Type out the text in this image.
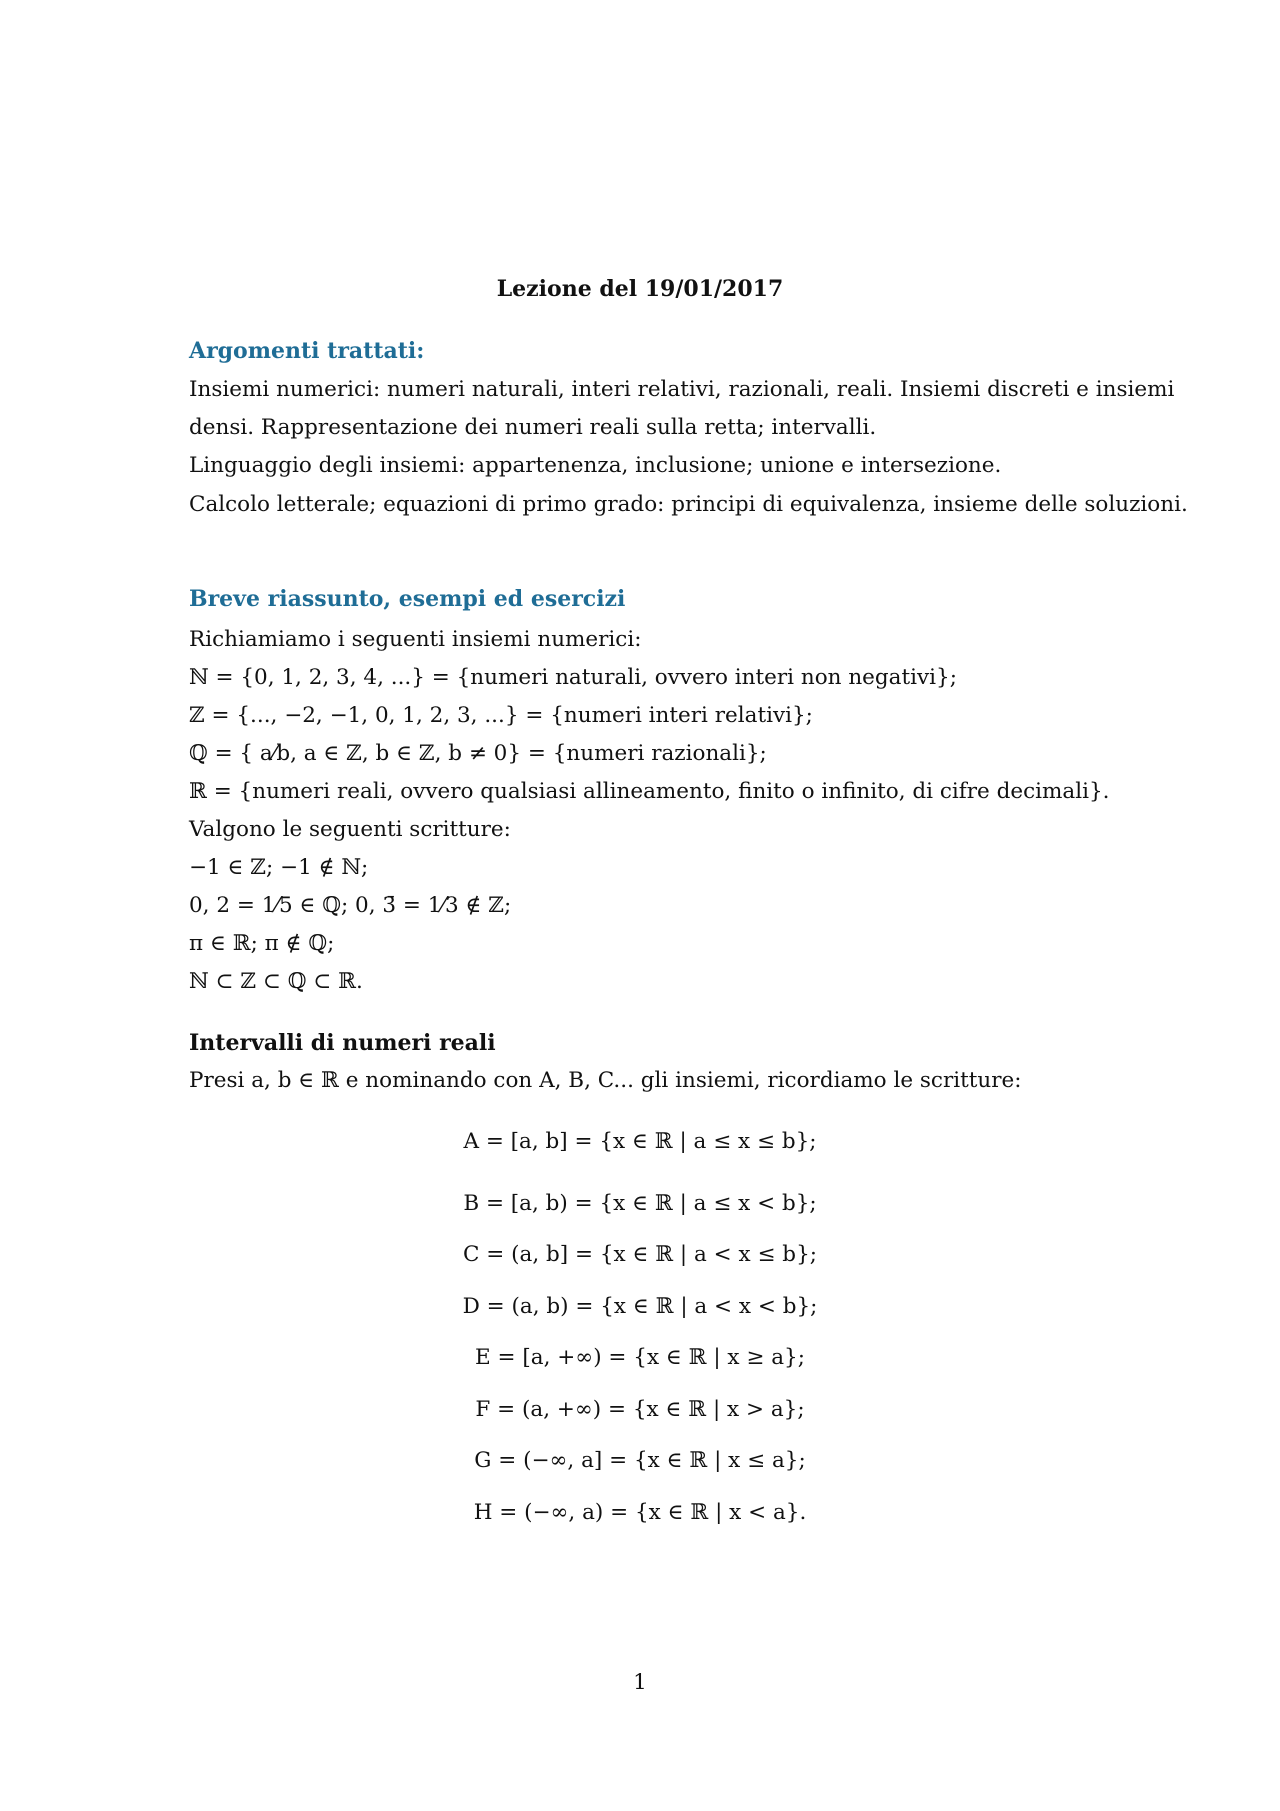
Lezione del 19/01/2017
Argomenti trattati:
Insiemi numerici: numeri naturali, interi relativi, razionali, reali. Insiemi discreti e insiemi
densi. Rappresentazione dei numeri reali sulla retta; intervalli.
Linguaggio degli insiemi: appartenenza, inclusione; unione e intersezione.
Calcolo letterale; equazioni di primo grado: principi di equivalenza, insieme delle soluzioni.
Breve riassunto, esempi ed esercizi
Richiamiamo i seguenti insiemi numerici:
ℕ = {0, 1, 2, 3, 4, ...} = {numeri naturali, ovvero interi non negativi};
ℤ = {..., −2, −1, 0, 1, 2, 3, ...} = {numeri interi relativi};
ℚ = { a⁄b, a ∈ ℤ, b ∈ ℤ, b ≠ 0} = {numeri razionali};
ℝ = {numeri reali, ovvero qualsiasi allineamento, finito o infinito, di cifre decimali}.
Valgono le seguenti scritture:
−1 ∈ ℤ; −1 ∉ ℕ;
0, 2 = 1⁄5 ∈ ℚ; 0, 3̄ = 1⁄3 ∉ ℤ;
π ∈ ℝ; π ∉ ℚ;
ℕ ⊂ ℤ ⊂ ℚ ⊂ ℝ.
Intervalli di numeri reali
Presi a, b ∈ ℝ e nominando con A, B, C... gli insiemi, ricordiamo le scritture:
A = [a, b] = {x ∈ ℝ | a ≤ x ≤ b};
B = [a, b) = {x ∈ ℝ | a ≤ x < b};
C = (a, b] = {x ∈ ℝ | a < x ≤ b};
D = (a, b) = {x ∈ ℝ | a < x < b};
E = [a, +∞) = {x ∈ ℝ | x ≥ a};
F = (a, +∞) = {x ∈ ℝ | x > a};
G = (−∞, a] = {x ∈ ℝ | x ≤ a};
H = (−∞, a) = {x ∈ ℝ | x < a}.
1
